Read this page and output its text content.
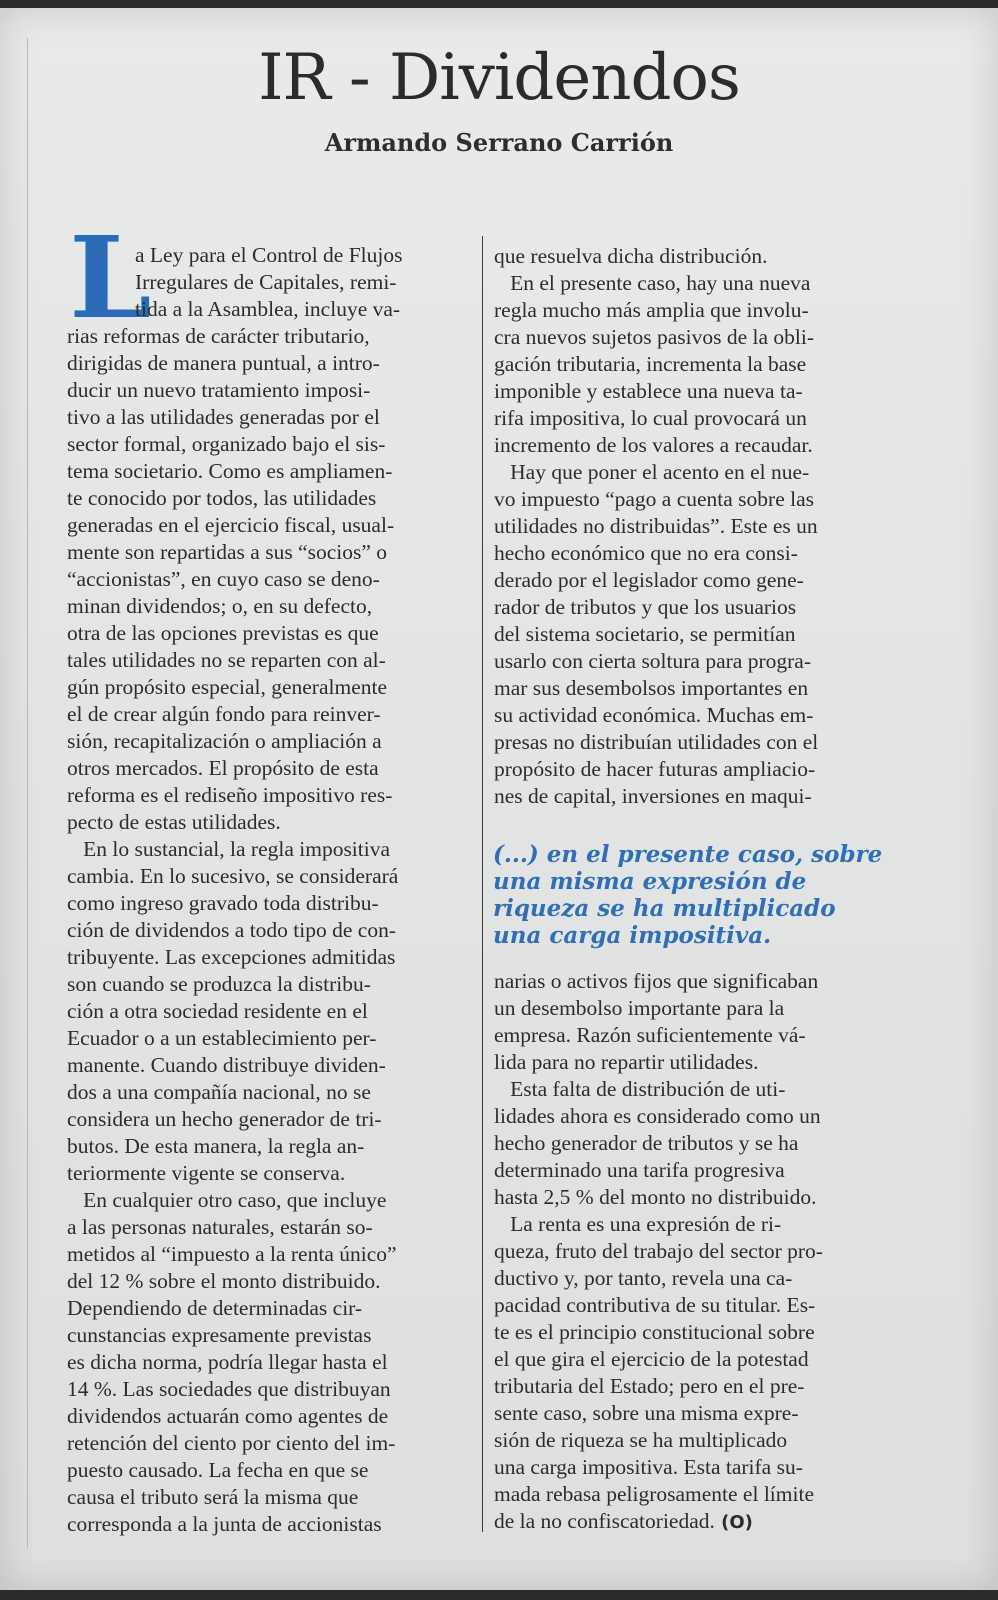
IR - Dividendos
Armando Serrano Carrión
L
a Ley para el Control de Flujos
Irregulares de Capitales, remi-
tida a la Asamblea, incluye va-
rias reformas de carácter tributario,
dirigidas de manera puntual, a intro-
ducir un nuevo tratamiento imposi-
tivo a las utilidades generadas por el
sector formal, organizado bajo el sis-
tema societario. Como es ampliamen-
te conocido por todos, las utilidades
generadas en el ejercicio fiscal, usual-
mente son repartidas a sus “socios” o
“accionistas”, en cuyo caso se deno-
minan dividendos; o, en su defecto,
otra de las opciones previstas es que
tales utilidades no se reparten con al-
gún propósito especial, generalmente
el de crear algún fondo para reinver-
sión, recapitalización o ampliación a
otros mercados. El propósito de esta
reforma es el rediseño impositivo res-
pecto de estas utilidades.
En lo sustancial, la regla impositiva
cambia. En lo sucesivo, se considerará
como ingreso gravado toda distribu-
ción de dividendos a todo tipo de con-
tribuyente. Las excepciones admitidas
son cuando se produzca la distribu-
ción a otra sociedad residente en el
Ecuador o a un establecimiento per-
manente. Cuando distribuye dividen-
dos a una compañía nacional, no se
considera un hecho generador de tri-
butos. De esta manera, la regla an-
teriormente vigente se conserva.
En cualquier otro caso, que incluye
a las personas naturales, estarán so-
metidos al “impuesto a la renta único”
del 12 % sobre el monto distribuido.
Dependiendo de determinadas cir-
cunstancias expresamente previstas
es dicha norma, podría llegar hasta el
14 %. Las sociedades que distribuyan
dividendos actuarán como agentes de
retención del ciento por ciento del im-
puesto causado. La fecha en que se
causa el tributo será la misma que
corresponda a la junta de accionistas
que resuelva dicha distribución.
En el presente caso, hay una nueva
regla mucho más amplia que involu-
cra nuevos sujetos pasivos de la obli-
gación tributaria, incrementa la base
imponible y establece una nueva ta-
rifa impositiva, lo cual provocará un
incremento de los valores a recaudar.
Hay que poner el acento en el nue-
vo impuesto “pago a cuenta sobre las
utilidades no distribuidas”. Este es un
hecho económico que no era consi-
derado por el legislador como gene-
rador de tributos y que los usuarios
del sistema societario, se permitían
usarlo con cierta soltura para progra-
mar sus desembolsos importantes en
su actividad económica. Muchas em-
presas no distribuían utilidades con el
propósito de hacer futuras ampliacio-
nes de capital, inversiones en maqui-
(...) en el presente caso, sobre
una misma expresión de
riqueza se ha multiplicado
una carga impositiva.
narias o activos fijos que significaban
un desembolso importante para la
empresa. Razón suficientemente vá-
lida para no repartir utilidades.
Esta falta de distribución de uti-
lidades ahora es considerado como un
hecho generador de tributos y se ha
determinado una tarifa progresiva
hasta 2,5 % del monto no distribuido.
La renta es una expresión de ri-
queza, fruto del trabajo del sector pro-
ductivo y, por tanto, revela una ca-
pacidad contributiva de su titular. Es-
te es el principio constitucional sobre
el que gira el ejercicio de la potestad
tributaria del Estado; pero en el pre-
sente caso, sobre una misma expre-
sión de riqueza se ha multiplicado
una carga impositiva. Esta tarifa su-
mada rebasa peligrosamente el límite
de la no confiscatoriedad. (O)
